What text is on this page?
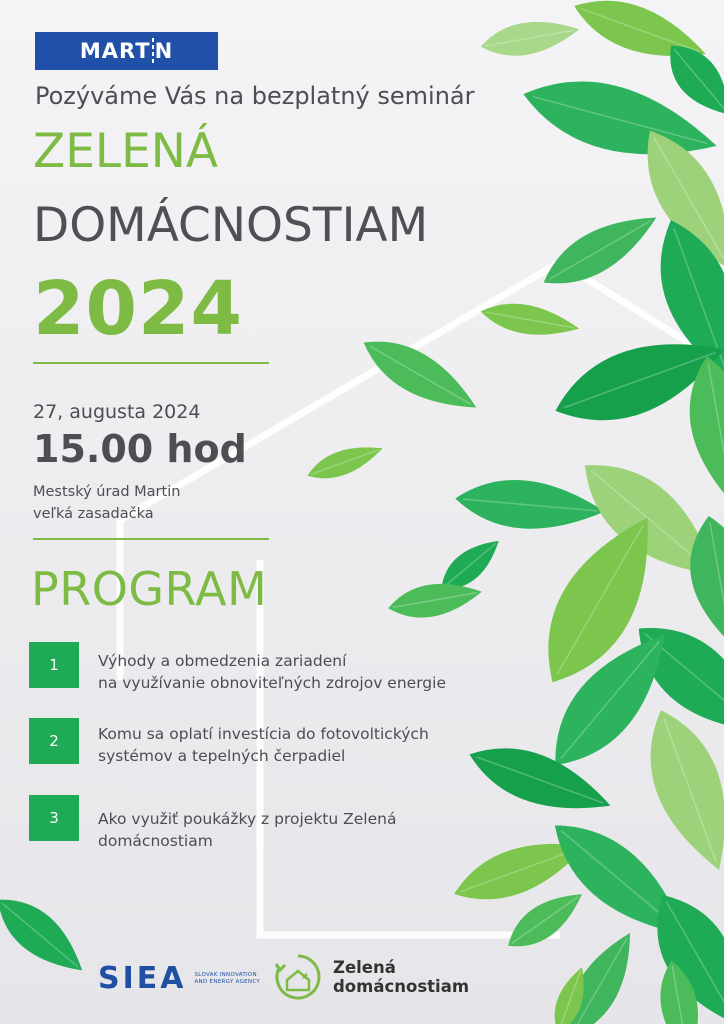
MART N
Pozýváme Vás na bezplatný seminár
ZELENÁ
DOMÁCNOSTIAM
2024
27, augusta 2024
15.00 hod
Mestský úrad Martin
veľká zasadačka
PROGRAM
1	Výhody a obmedzenia zariadení
na využívanie obnoviteľných zdrojov energie
2	Komu sa oplatí investícia do fotovoltických
systémov a tepelných čerpadiel
3	Ako využiť poukážky z projektu Zelená domácnostiam
SIEA SLOVAK INNOVATION AND ENERGY AGENCY
Zelená
domácnostiam
